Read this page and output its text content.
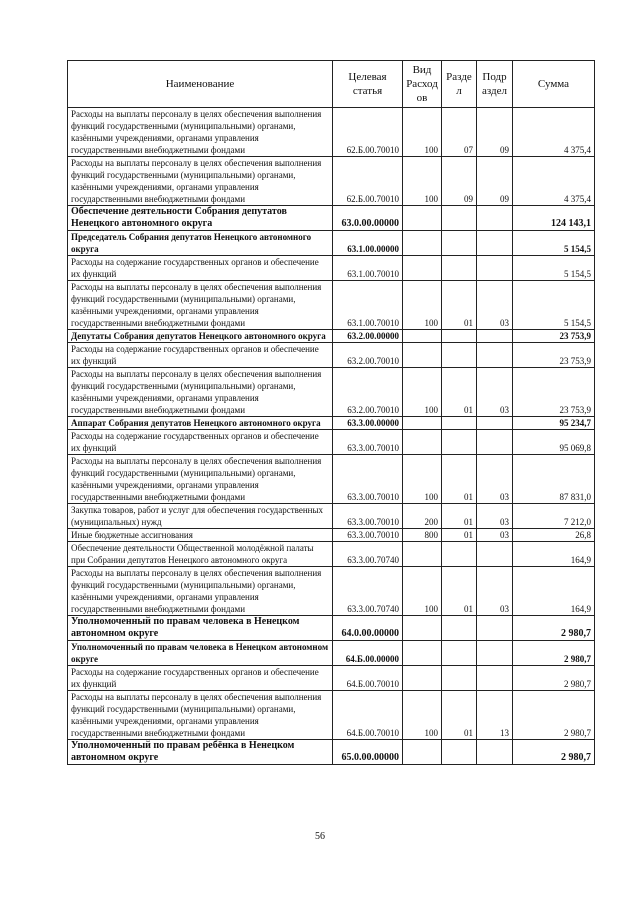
Наименование	Целевая статья	Вид Расход ов	Разде л	Подр аздел	Сумма
Расходы на выплаты персоналу в целях обеспечения выполнения функций государственными (муниципальными) органами, казёнными учреждениями, органами управления государственными внебюджетными фондами	62.Б.00.70010	100	07	09	4 375,4
Расходы на выплаты персоналу в целях обеспечения выполнения функций государственными (муниципальными) органами, казёнными учреждениями, органами управления государственными внебюджетными фондами	62.Б.00.70010	100	09	09	4 375,4
Обеспечение деятельности Собрания депутатов Ненецкого автономного округа	63.0.00.00000				124 143,1
Председатель Собрания депутатов Ненецкого автономного округа	63.1.00.00000				5 154,5
Расходы на содержание государственных органов и обеспечение их функций	63.1.00.70010				5 154,5
Расходы на выплаты персоналу в целях обеспечения выполнения функций государственными (муниципальными) органами, казёнными учреждениями, органами управления государственными внебюджетными фондами	63.1.00.70010	100	01	03	5 154,5
Депутаты Собрания депутатов Ненецкого автономного округа	63.2.00.00000				23 753,9
Расходы на содержание государственных органов и обеспечение их функций	63.2.00.70010				23 753,9
Расходы на выплаты персоналу в целях обеспечения выполнения функций государственными (муниципальными) органами, казёнными учреждениями, органами управления государственными внебюджетными фондами	63.2.00.70010	100	01	03	23 753,9
Аппарат Собрания депутатов Ненецкого автономного округа	63.3.00.00000				95 234,7
Расходы на содержание государственных органов и обеспечение их функций	63.3.00.70010				95 069,8
Расходы на выплаты персоналу в целях обеспечения выполнения функций государственными (муниципальными) органами, казёнными учреждениями, органами управления государственными внебюджетными фондами	63.3.00.70010	100	01	03	87 831,0
Закупка товаров, работ и услуг для обеспечения государственных (муниципальных) нужд	63.3.00.70010	200	01	03	7 212,0
Иные бюджетные ассигнования	63.3.00.70010	800	01	03	26,8
Обеспечение деятельности Общественной молодёжной палаты при Собрании депутатов Ненецкого автономного округа	63.3.00.70740				164,9
Расходы на выплаты персоналу в целях обеспечения выполнения функций государственными (муниципальными) органами, казёнными учреждениями, органами управления государственными внебюджетными фондами	63.3.00.70740	100	01	03	164,9
Уполномоченный по правам человека в Ненецком автономном округе	64.0.00.00000				2 980,7
Уполномоченный по правам человека в Ненецком автономном округе	64.Б.00.00000				2 980,7
Расходы на содержание государственных органов и обеспечение их функций	64.Б.00.70010				2 980,7
Расходы на выплаты персоналу в целях обеспечения выполнения функций государственными (муниципальными) органами, казёнными учреждениями, органами управления государственными внебюджетными фондами	64.Б.00.70010	100	01	13	2 980,7
Уполномоченный по правам ребёнка в Ненецком автономном округе	65.0.00.00000				2 980,7
56
